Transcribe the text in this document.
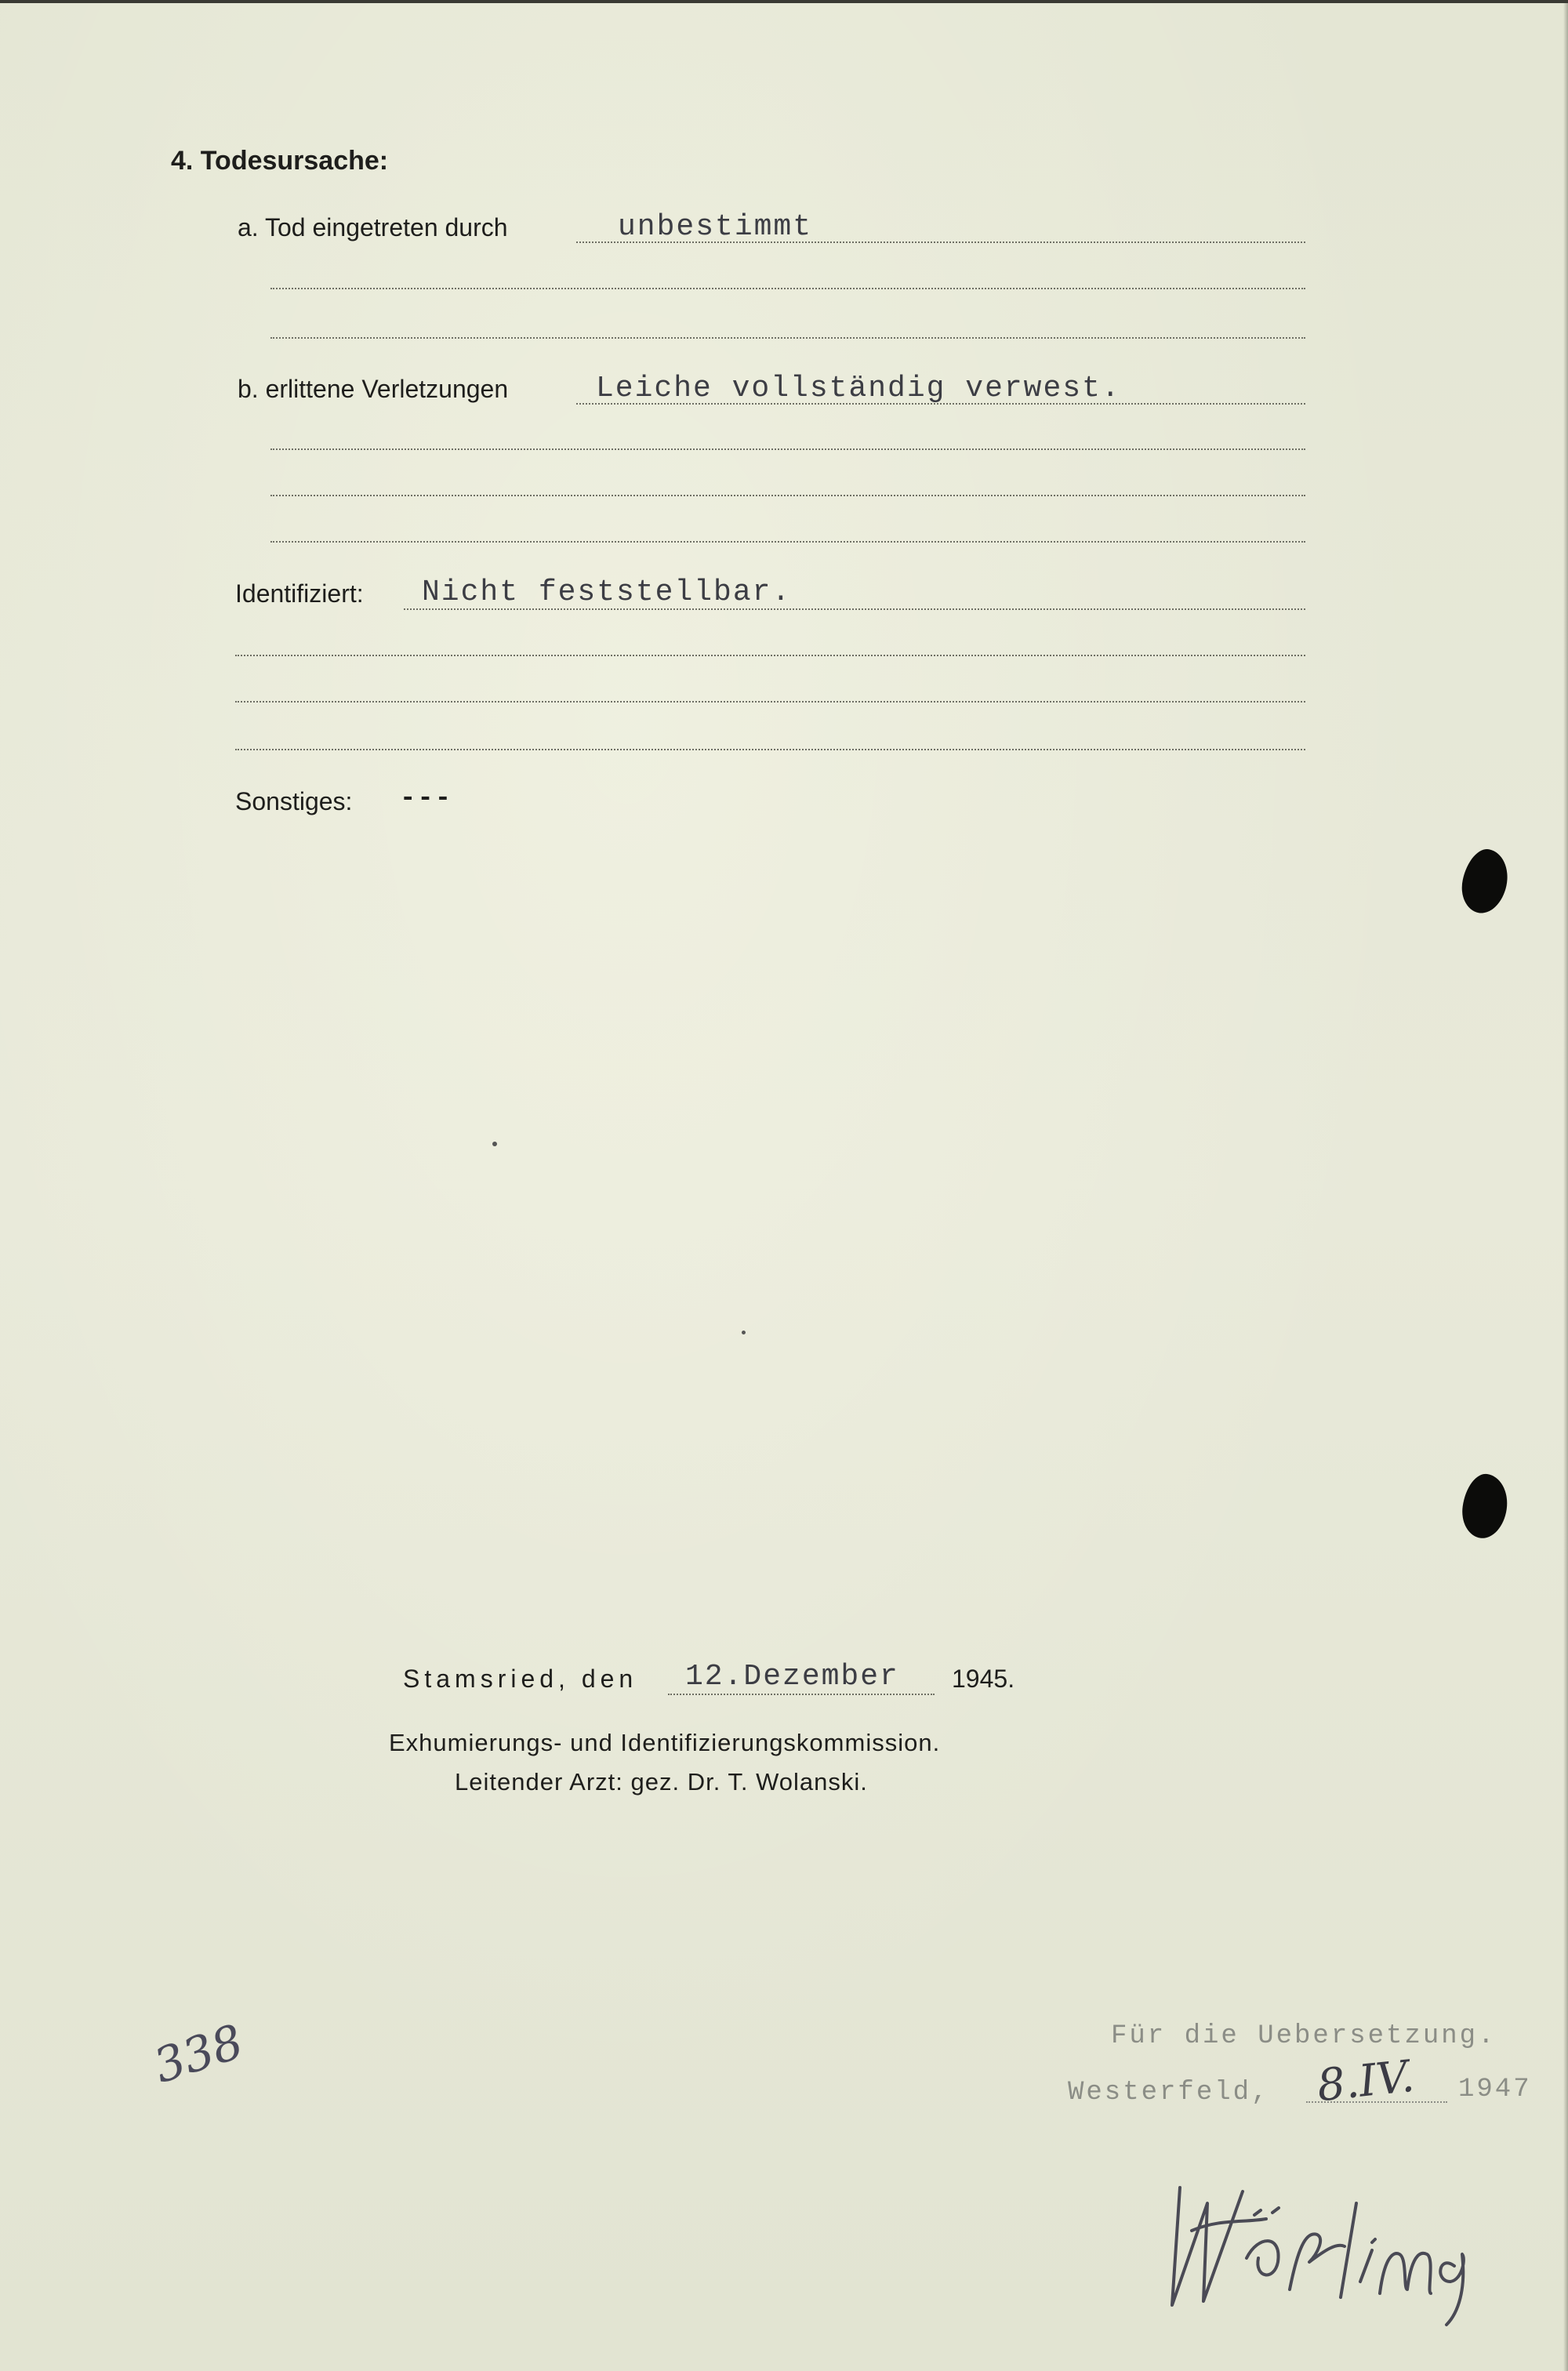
4. Todesursache:
a. Tod eingetreten durch	unbestimmt
b. erlittene Verletzungen	Leiche vollständig verwest.
Identifiziert: Nicht feststellbar.
Sonstiges: ---
Stamsried, den 12.Dezember 1945.
Exhumierungs- und Identifizierungskommission.
Leitender Arzt: gez. Dr. T. Wolanski.
338	Für die Uebersetzung.
Westerfeld, 8.IV. 1947
